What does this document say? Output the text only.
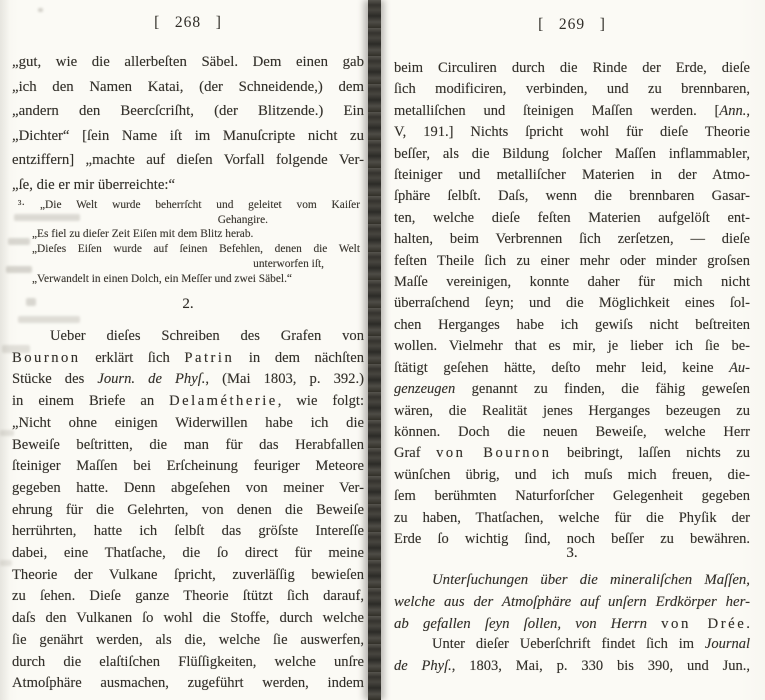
[   268   ]
„gut, wie die allerbeſten Säbel. Dem einen gab
„ich den Namen Katai, (der Schneidende,) dem
„andern den Beercſcriſht, (der Blitzende.) Ein
„Dichter“ [ſein Name iſt im Manuſcripte nicht zu
entziffern] „machte auf dieſen Vorfall folgende Ver-
„ſe, die er mir überreichte:“
³· „Die Welt wurde beherrſcht und geleitet vom Kaiſer
Gehangire.
„Es fiel zu dieſer Zeit Eiſen mit dem Blitz herab.
„Dieſes Eiſen wurde auf ſeinen Befehlen, denen die Welt
unterworfen iſt,
„Verwandelt in einen Dolch, ein Meſſer und zwei Säbel.“
2.
Ueber dieſes Schreiben des Grafen von
Bournon erklärt ſich Patrin in dem nächſten
Stücke des Journ. de Phyſ., (Mai 1803, p. 392.)
in einem Briefe an Delamétherie, wie folgt:
„Nicht ohne einigen Widerwillen habe ich die
Beweiſe beſtritten, die man für das Herabfallen
ſteiniger Maſſen bei Erſcheinung feuriger Meteore
gegeben hatte. Denn abgeſehen von meiner Ver-
ehrung für die Gelehrten, von denen die Beweiſe
herrührten, hatte ich ſelbſt das gröſste Intereſſe
dabei, eine Thatſache, die ſo direct für meine
Theorie der Vulkane ſpricht, zuverläſſig bewieſen
zu ſehen. Dieſe ganze Theorie ſtützt ſich darauf,
daſs den Vulkanen ſo wohl die Stoffe, durch welche
ſie genährt werden, als die, welche ſie auswerfen,
durch die elaſtiſchen Flüſſigkeiten, welche unſre
Atmoſphäre ausmachen, zugeführt werden, indem
[   269   ]
beim Circuliren durch die Rinde der Erde, dieſe
ſich modificiren, verbinden, und zu brennbaren,
metalliſchen und ſteinigen Maſſen werden. [Ann.,
V, 191.] Nichts ſpricht wohl für dieſe Theorie
beſſer, als die Bildung ſolcher Maſſen inflammabler,
ſteiniger und metalliſcher Materien in der Atmo-
ſphäre ſelbſt. Daſs, wenn die brennbaren Gasar-
ten, welche dieſe feſten Materien aufgelöſt ent-
halten, beim Verbrennen ſich zerſetzen, — dieſe
feſten Theile ſich zu einer mehr oder minder groſsen
Maſſe vereinigen, konnte daher für mich nicht
überraſchend ſeyn; und die Möglichkeit eines ſol-
chen Herganges habe ich gewiſs nicht beſtreiten
wollen. Vielmehr that es mir, je lieber ich ſie be-
ſtätigt geſehen hätte, deſto mehr leid, keine Au-
genzeugen genannt zu finden, die fähig geweſen
wären, die Realität jenes Herganges bezeugen zu
können. Doch die neuen Beweiſe, welche Herr
Graf von Bournon beibringt, laſſen nichts zu
wünſchen übrig, und ich muſs mich freuen, die-
ſem berühmten Naturforſcher Gelegenheit gegeben
zu haben, Thatſachen, welche für die Phyſik der
Erde ſo wichtig ſind, noch beſſer zu bewähren.
3.
Unterſuchungen über die mineraliſchen Maſſen,
welche aus der Atmoſphäre auf unſern Erdkörper her-
ab gefallen ſeyn ſollen, von Herrn von Drée.
Unter dieſer Ueberſchrift findet ſich im Journal
de Phyſ., 1803, Mai, p. 330 bis 390, und Jun.,
